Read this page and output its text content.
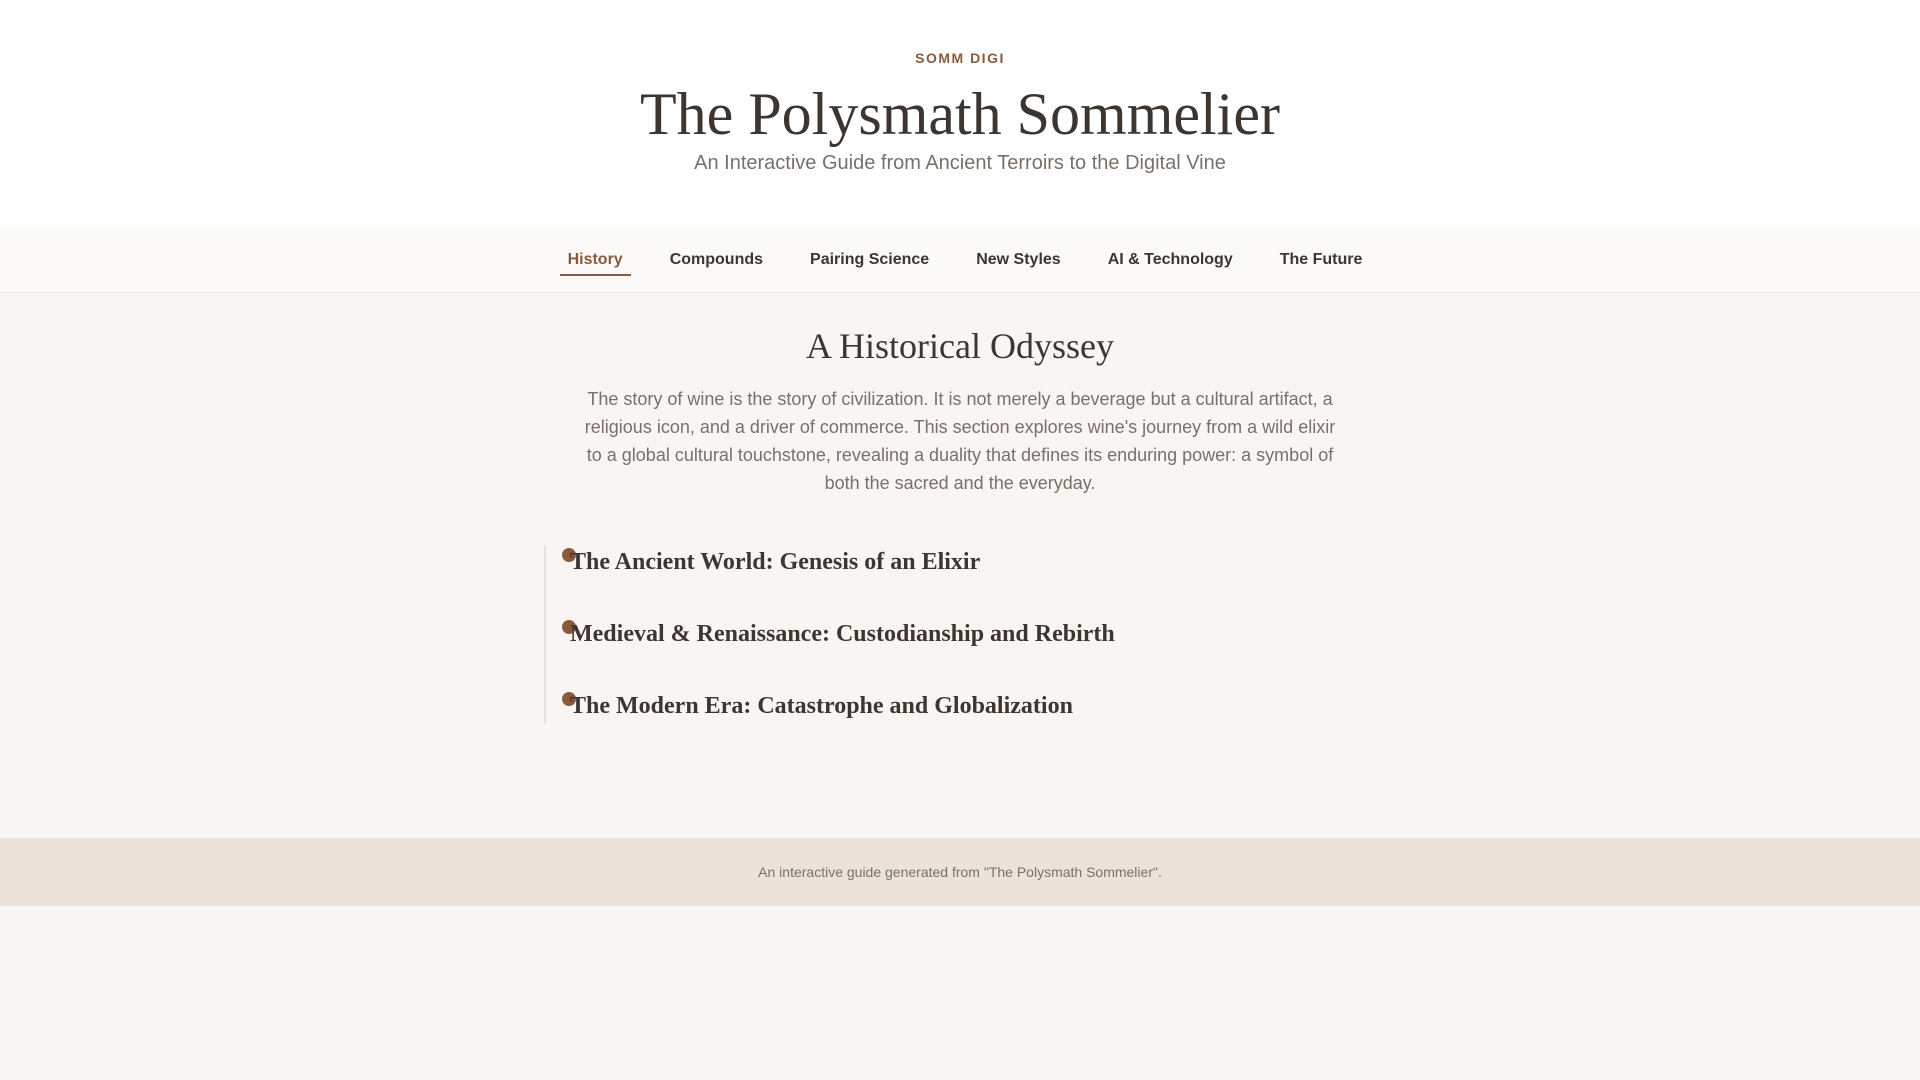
SOMM DIGI

The Polysmath Sommelier

An Interactive Guide from Ancient Terroirs to the Digital Vine

History	Compounds	Pairing Science	New Styles	AI & Technology	The Future
A Historical Odyssey

The story of wine is the story of civilization. It is not merely a beverage but a cultural artifact, a religious icon, and a driver of commerce. This section explores wine's journey from a wild elixir to a global cultural touchstone, revealing a duality that defines its enduring power: a symbol of both the sacred and the everyday.

The Ancient World: Genesis of an Elixir
Medieval & Renaissance: Custodianship and Rebirth
The Modern Era: Catastrophe and Globalization
An interactive guide generated from "The Polysmath Sommelier".
